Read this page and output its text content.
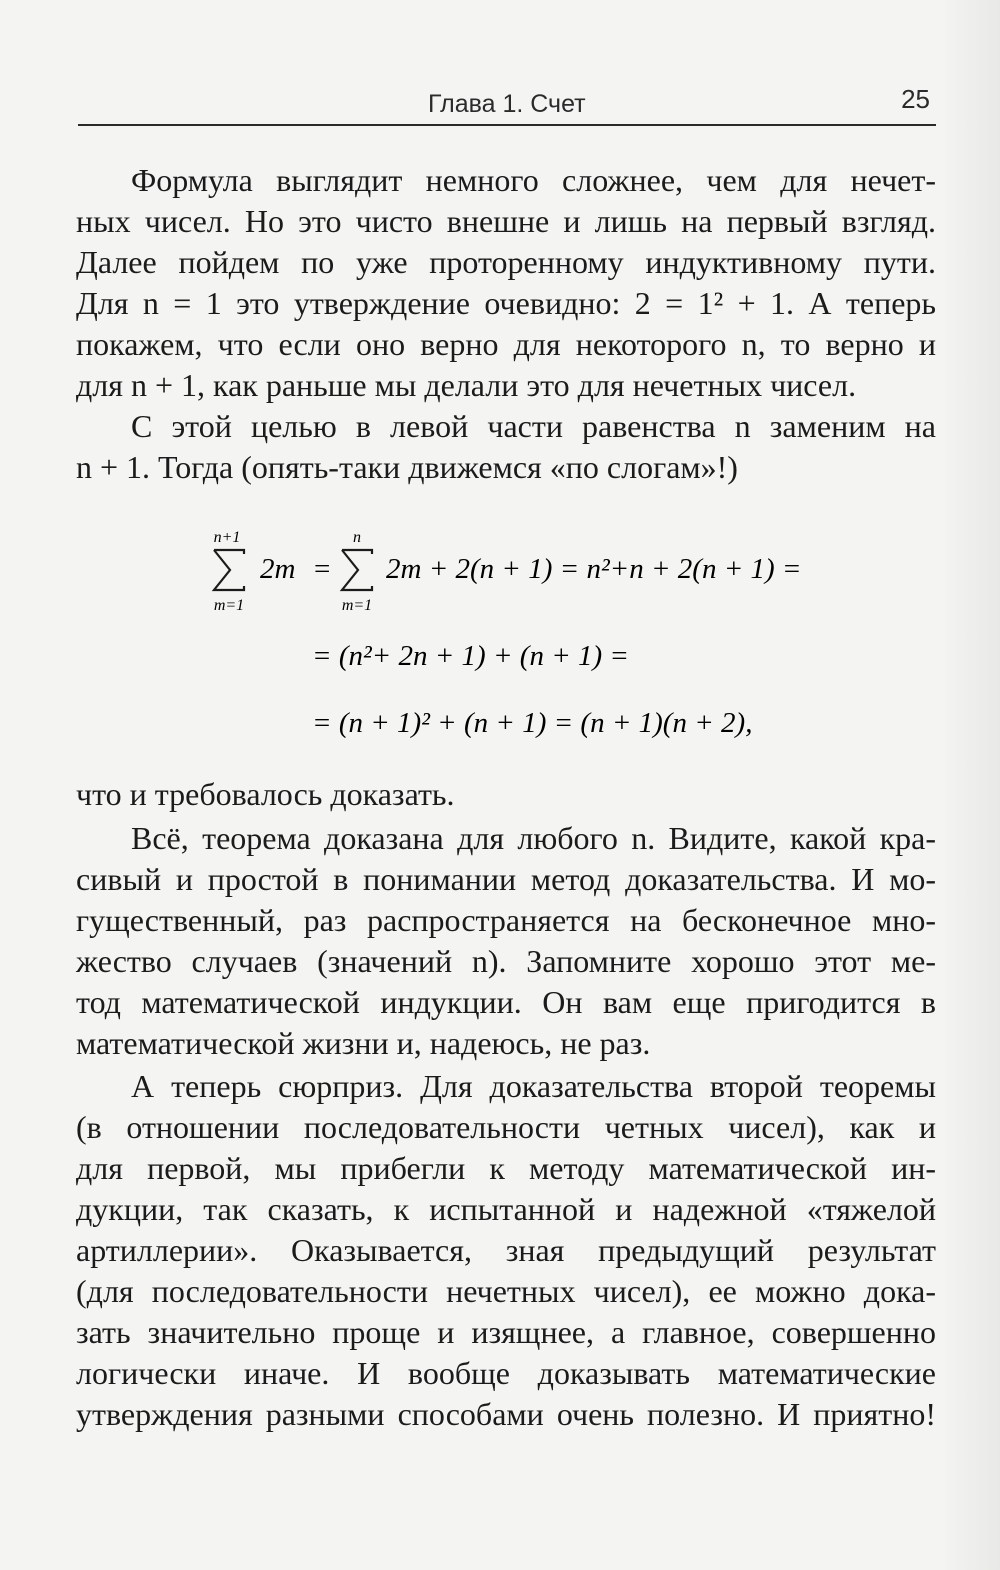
Глава 1. Счет	25
Формула выглядит немного сложнее, чем для нечет-
ных чисел. Но это чисто внешне и лишь на первый взгляд.
Далее пойдем по уже проторенному индуктивному пути.
Для n = 1 это утверждение очевидно: 2 = 1² + 1. А теперь
покажем, что если оно верно для некоторого n, то верно и
для n + 1, как раньше мы делали это для нечетных чисел.
С этой целью в левой части равенства n заменим на
n + 1. Тогда (опять-таки движемся «по слогам»!)
n+1
m=1
2m =
n
m=1
2m + 2(n + 1) = n²+n + 2(n + 1) =
= (n²+ 2n + 1) + (n + 1) =
= (n + 1)² + (n + 1) = (n + 1)(n + 2),
что и требовалось доказать.
Всё, теорема доказана для любого n. Видите, какой кра-
сивый и простой в понимании метод доказательства. И мо-
гущественный, раз распространяется на бесконечное мно-
жество случаев (значений n). Запомните хорошо этот ме-
тод математической индукции. Он вам еще пригодится в
математической жизни и, надеюсь, не раз.
А теперь сюрприз. Для доказательства второй теоремы
(в отношении последовательности четных чисел), как и
для первой, мы прибегли к методу математической ин-
дукции, так сказать, к испытанной и надежной «тяжелой
артиллерии». Оказывается, зная предыдущий результат
(для последовательности нечетных чисел), ее можно дока-
зать значительно проще и изящнее, а главное, совершенно
логически иначе. И вообще доказывать математические
утверждения разными способами очень полезно. И приятно!
